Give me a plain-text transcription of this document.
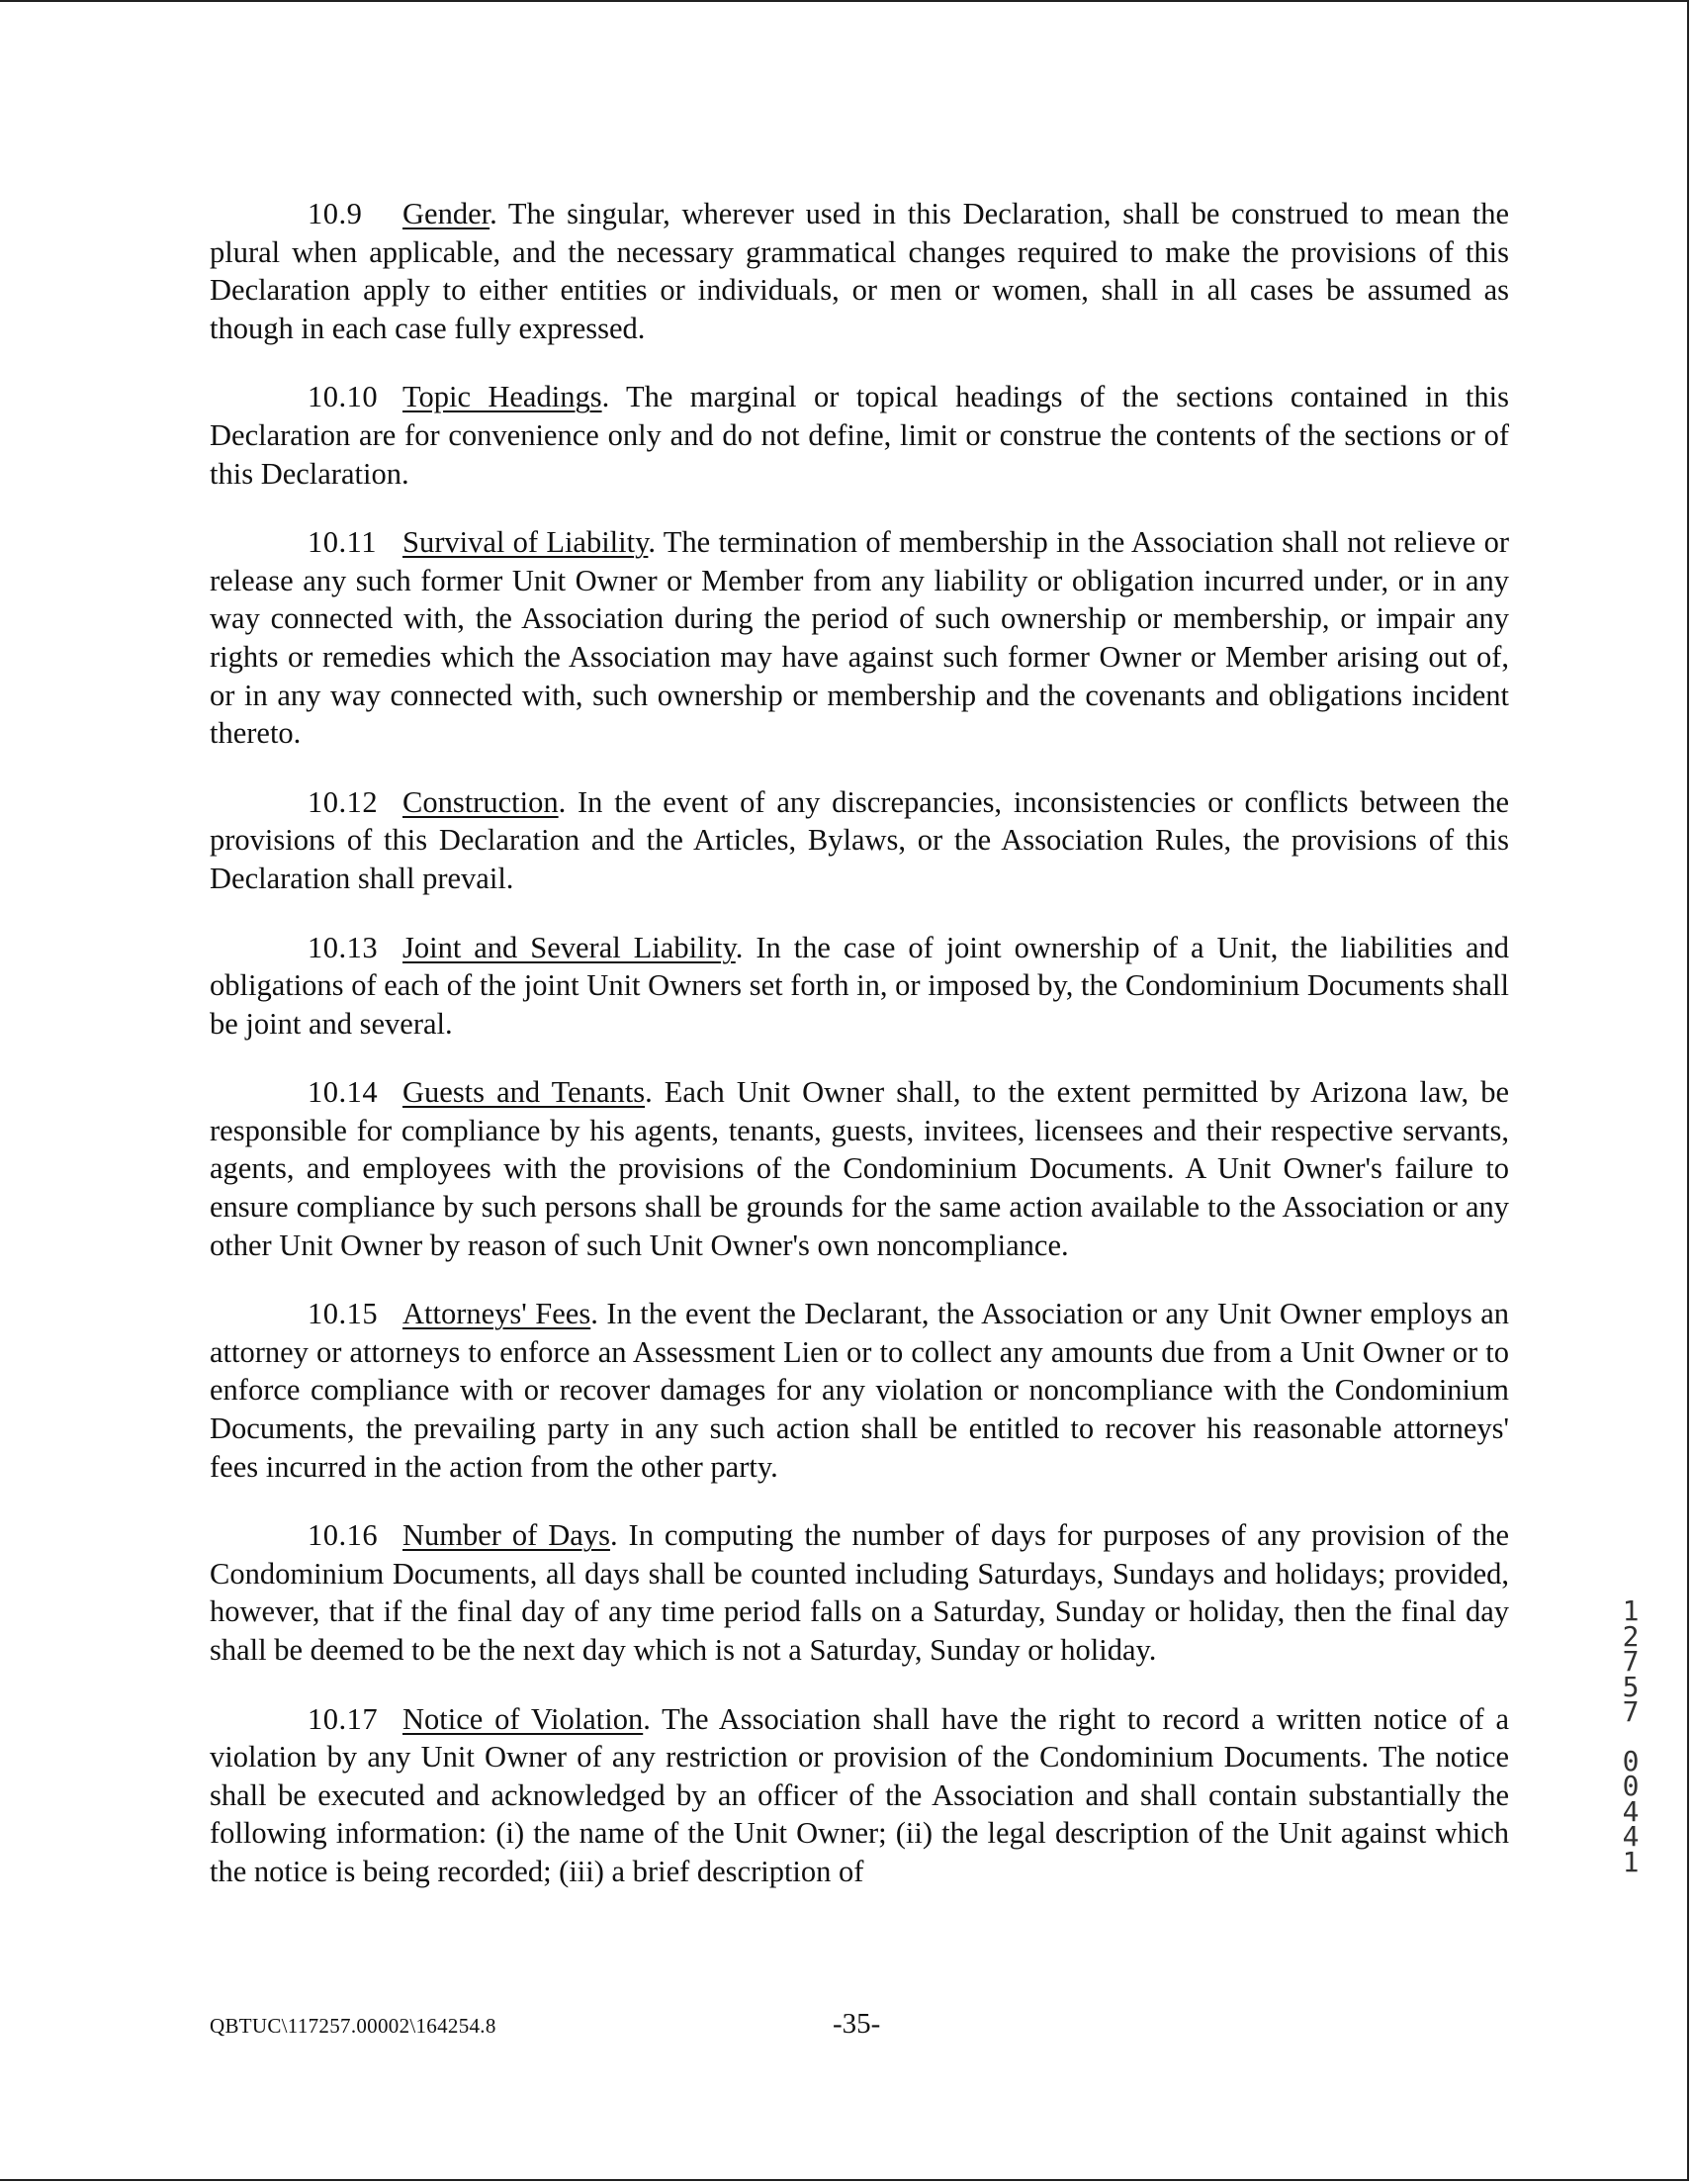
10.9 Gender. The singular, wherever used in this Declaration, shall be construed to mean the plural when applicable, and the necessary grammatical changes required to make the provisions of this Declaration apply to either entities or individuals, or men or women, shall in all cases be assumed as though in each case fully expressed.

10.10 Topic Headings. The marginal or topical headings of the sections contained in this Declaration are for convenience only and do not define, limit or construe the contents of the sections or of this Declaration.

10.11 Survival of Liability. The termination of membership in the Association shall not relieve or release any such former Unit Owner or Member from any liability or obligation incurred under, or in any way connected with, the Association during the period of such ownership or membership, or impair any rights or remedies which the Association may have against such former Owner or Member arising out of, or in any way connected with, such ownership or membership and the covenants and obligations incident thereto.

10.12 Construction. In the event of any discrepancies, inconsistencies or conflicts between the provisions of this Declaration and the Articles, Bylaws, or the Association Rules, the provisions of this Declaration shall prevail.

10.13 Joint and Several Liability. In the case of joint ownership of a Unit, the liabilities and obligations of each of the joint Unit Owners set forth in, or imposed by, the Condominium Documents shall be joint and several.

10.14 Guests and Tenants. Each Unit Owner shall, to the extent permitted by Arizona law, be responsible for compliance by his agents, tenants, guests, invitees, licensees and their respective servants, agents, and employees with the provisions of the Condominium Documents. A Unit Owner's failure to ensure compliance by such persons shall be grounds for the same action available to the Association or any other Unit Owner by reason of such Unit Owner's own noncompliance.

10.15 Attorneys' Fees. In the event the Declarant, the Association or any Unit Owner employs an attorney or attorneys to enforce an Assessment Lien or to collect any amounts due from a Unit Owner or to enforce compliance with or recover damages for any violation or noncompliance with the Condominium Documents, the prevailing party in any such action shall be entitled to recover his reasonable attorneys' fees incurred in the action from the other party.

10.16 Number of Days. In computing the number of days for purposes of any provision of the Condominium Documents, all days shall be counted including Saturdays, Sundays and holidays; provided, however, that if the final day of any time period falls on a Saturday, Sunday or holiday, then the final day shall be deemed to be the next day which is not a Saturday, Sunday or holiday.

10.17 Notice of Violation. The Association shall have the right to record a written notice of a violation by any Unit Owner of any restriction or provision of the Condominium Documents. The notice shall be executed and acknowledged by an officer of the Association and shall contain substantially the following information: (i) the name of the Unit Owner; (ii) the legal description of the Unit against which the notice is being recorded; (iii) a brief description of

1
2
7
5
7
0
0
4
4
1
QBTUC\117257.00002\164254.8	-35-
